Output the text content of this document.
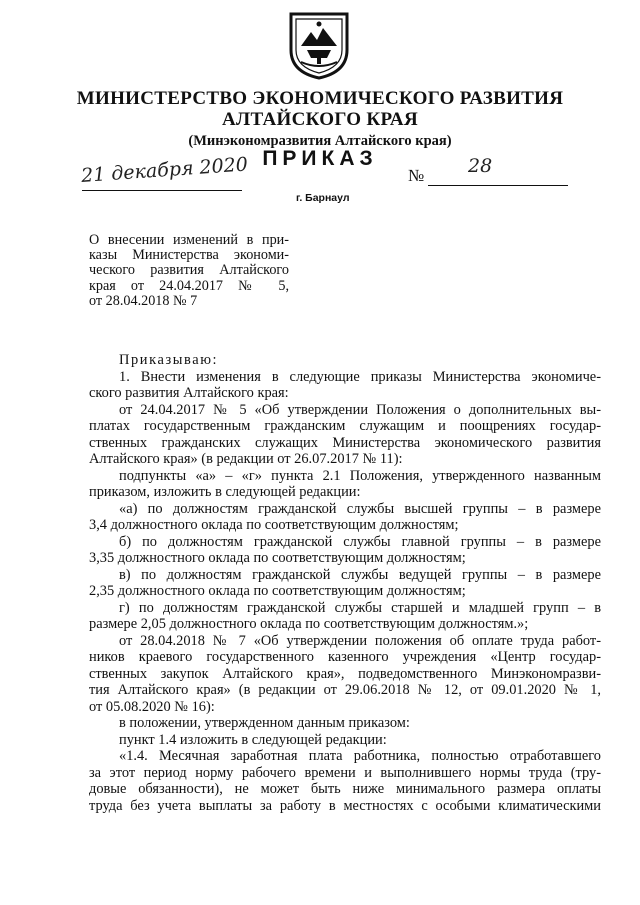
МИНИСТЕРСТВО ЭКОНОМИЧЕСКОГО РАЗВИТИЯ
АЛТАЙСКОГО КРАЯ
(Минэкономразвития Алтайского края)
ПРИКАЗ
21 декабря 2020	№ 28
г. Барнаул

О внесении изменений в при-

казы Министерства экономи-

ческого развития Алтайского

края от 24.04.2017 № 5,

от 28.04.2018 № 7

Приказываю:

1. Внести изменения в следующие приказы Министерства экономиче-
ского развития Алтайского края:

от 24.04.2017 № 5 «Об утверждении Положения о дополнительных вы-
платах государственным гражданским служащим и поощрениях государ-
ственных гражданских служащих Министерства экономического развития
Алтайского края» (в редакции от 26.07.2017 № 11):

подпункты «а» – «г» пункта 2.1 Положения, утвержденного названным
приказом, изложить в следующей редакции:

«а) по должностям гражданской службы высшей группы – в размере
3,4 должностного оклада по соответствующим должностям;

б) по должностям гражданской службы главной группы – в размере
3,35 должностного оклада по соответствующим должностям;

в) по должностям гражданской службы ведущей группы – в размере
2,35 должностного оклада по соответствующим должностям;

г) по должностям гражданской службы старшей и младшей групп – в
размере 2,05 должностного оклада по соответствующим должностям.»;

от 28.04.2018 № 7 «Об утверждении положения об оплате труда работ-
ников краевого государственного казенного учреждения «Центр государ-
ственных закупок Алтайского края», подведомственного Минэкономразви-
тия Алтайского края» (в редакции от 29.06.2018 № 12, от 09.01.2020 № 1,
от 05.08.2020 № 16):

в положении, утвержденном данным приказом:

пункт 1.4 изложить в следующей редакции:

«1.4. Месячная заработная плата работника, полностью отработавшего
за этот период норму рабочего времени и выполнившего нормы труда (тру-
довые обязанности), не может быть ниже минимального размера оплаты
труда без учета выплаты за работу в местностях с особыми климатическими
